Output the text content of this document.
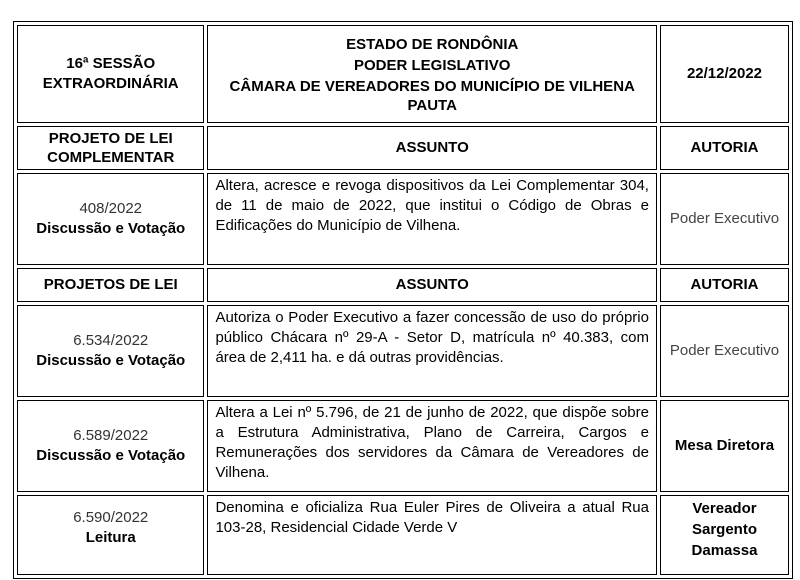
16ª SESSÃO EXTRAORDINÁRIA	ESTADO DE RONDÔNIA
PODER LEGISLATIVO
CÂMARA DE VEREADORES DO MUNICÍPIO DE VILHENA
PAUTA	22/12/2022
PROJETO DE LEI COMPLEMENTAR	ASSUNTO	AUTORIA

408/2022
Discussão e Votação	Altera, acresce e revoga dispositivos da Lei Complementar 304, de 11 de maio de 2022, que institui o Código de Obras e Edificações do Município de Vilhena.	Poder Executivo
PROJETOS DE LEI	ASSUNTO	AUTORIA

6.534/2022
Discussão e Votação	Autoriza o Poder Executivo a fazer concessão de uso do próprio público Chácara nº 29-A - Setor D, matrícula nº 40.383, com área de 2,411 ha. e dá outras providências.	Poder Executivo

6.589/2022
Discussão e Votação	Altera a Lei nº 5.796, de 21 de junho de 2022, que dispõe sobre a Estrutura Administrativa, Plano de Carreira, Cargos e Remunerações dos servidores da Câmara de Vereadores de Vilhena.	Mesa Diretora

6.590/2022
Leitura	Denomina e oficializa Rua Euler Pires de Oliveira a atual Rua 103-28, Residencial Cidade Verde V	Vereador Sargento Damassa
